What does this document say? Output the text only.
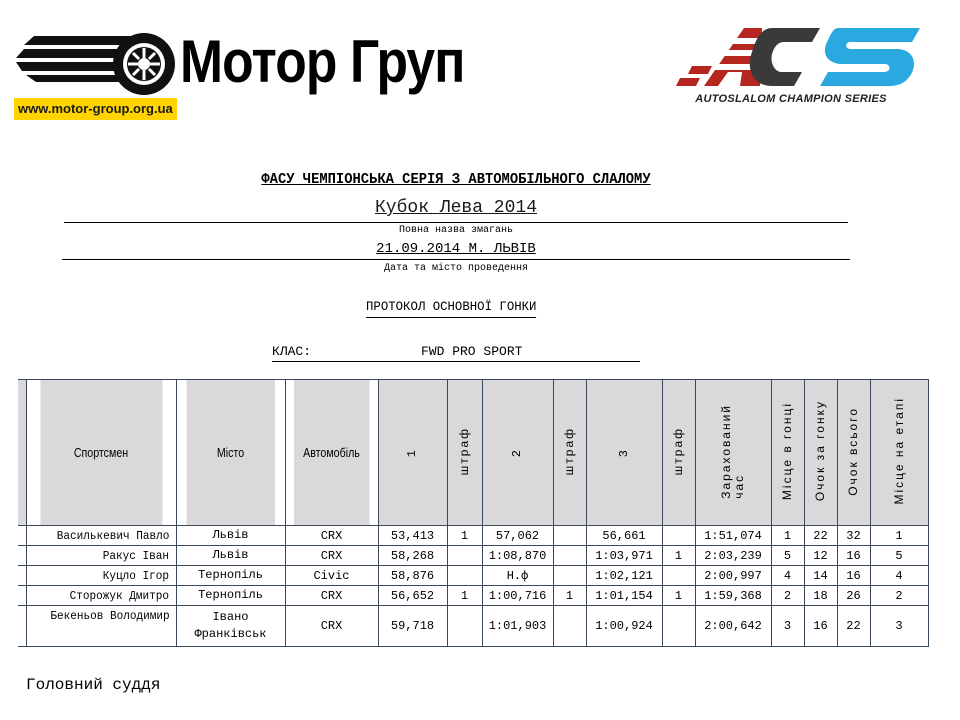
Мотор Груп
www.motor-group.org.ua
AUTOSLALOM CHAMPION SERIES
ФАСУ ЧЕМПІОНСЬКА СЕРІЯ З АВТОМОБІЛЬНОГО СЛАЛОМУ
Кубок Лева 2014
Повна назва змагань
21.09.2014 М. ЛЬВІВ
Дата та місто проведення
ПРОТОКОЛ ОСНОВНОЇ ГОНКИ
КЛАС:	FWD PRO SPORT
	Спортсмен	Місто	Автомобіль	1	штраф	2	штраф	3	штраф	Зарахований
час	Місце в гонці	Очок за гонку	Очок всього	Місце на етапі
	Василькевич Павло	Львів	CRX	53,413	1	57,062		56,661		1:51,074	1	22	32	1
	Ракус Іван	Львів	CRX	58,268		1:08,870		1:03,971	1	2:03,239	5	12	16	5
	Куцло Ігор	Тернопіль	Civic	58,876		Н.ф		1:02,121		2:00,997	4	14	16	4
	Сторожук Дмитро	Тернопіль	CRX	56,652	1	1:00,716	1	1:01,154	1	1:59,368	2	18	26	2
	Бекеньов Володимир	Івано Франківськ	CRX	59,718		1:01,903		1:00,924		2:00,642	3	16	22	3
Головний суддя
